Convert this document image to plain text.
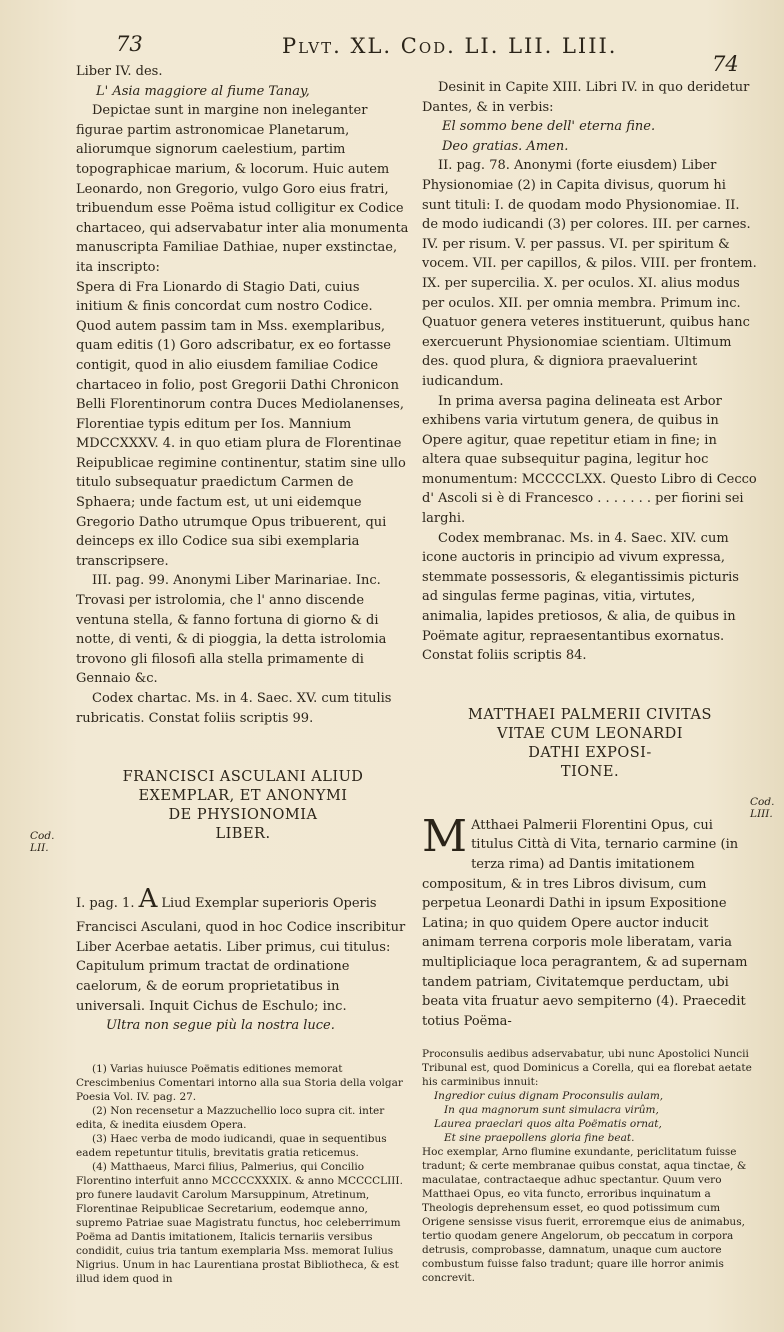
73	Plvt. XL. Cod. LI. LII. LIII.
74
Cod. LII.
Cod. LIII.

Liber IV. des.

L' Asia maggiore al fiume Tanay,

Depictae sunt in margine non ineleganter figurae partim astronomicae Planetarum, aliorumque signorum caelestium, partim topographicae marium, & locorum. Huic autem Leonardo, non Gregorio, vulgo Goro eius fratri, tribuendum esse Poëma istud colligitur ex Codice chartaceo, qui adservabatur inter alia monumenta manuscripta Familiae Dathiae, nuper exstinctae, ita inscripto:

Spera di Fra Lionardo di Stagio Dati, cuius initium & finis concordat cum nostro Codice. Quod autem passim tam in Mss. exemplaribus, quam editis (1) Goro adscribatur, ex eo fortasse contigit, quod in alio eiusdem familiae Codice chartaceo in folio, post Gregorii Dathi Chronicon Belli Florentinorum contra Duces Mediolanenses, Florentiae typis editum per Ios. Mannium MDCCXXXV. 4. in quo etiam plura de Florentinae Reipublicae regimine continentur, statim sine ullo titulo subsequatur praedictum Carmen de Sphaera; unde factum est, ut uni eidemque Gregorio Datho utrumque Opus tribuerent, qui deinceps ex illo Codice sua sibi exemplaria transcripsere.

III. pag. 99. Anonymi Liber Marinariae. Inc. Trovasi per istrolomia, che l' anno discende ventuna stella, & fanno fortuna di giorno & di notte, di venti, & di pioggia, la detta istrolomia trovono gli filosofi alla stella primamente di Gennaio &c.

Codex chartac. Ms. in 4. Saec. XV. cum titulis rubricatis. Constat foliis scriptis 99.

FRANCISCI ASCULANI ALIUD
EXEMPLAR, ET ANONYMI
DE PHYSIONOMIA
LIBER.

I. pag. 1. A Liud Exemplar superioris Operis Francisci Asculani, quod in hoc Codice inscribitur Liber Acerbae aetatis. Liber primus, cui titulus: Capitulum primum tractat de ordinatione caelorum, & de eorum proprietatibus in universali. Inquit Cichus de Eschulo; inc.

Ultra non segue più la nostra luce.

(1) Varias huiusce Poëmatis editiones memorat Crescimbenius Comentari intorno alla sua Storia della volgar Poesia Vol. IV. pag. 27.

(2) Non recensetur a Mazzuchellio loco supra cit. inter edita, & inedita eiusdem Opera.

(3) Haec verba de modo iudicandi, quae in sequentibus eadem repetuntur titulis, brevitatis gratia reticemus.

(4) Matthaeus, Marci filius, Palmerius, qui Concilio Florentino interfuit anno MCCCCXXXIX. & anno MCCCCLIII. pro funere laudavit Carolum Marsuppinum, Atretinum, Florentinae Reipublicae Secretarium, eodemque anno, supremo Patriae suae Magistratu functus, hoc celeberrimum Poëma ad Dantis imitationem, Italicis ternariis versibus condidit, cuius tria tantum exemplaria Mss. memorat Iulius Nigrius. Unum in hac Laurentiana prostat Bibliotheca, & est illud idem quod in

Desinit in Capite XIII. Libri IV. in quo deridetur Dantes, & in verbis:

El sommo bene dell' eterna fine.

Deo gratias. Amen.

II. pag. 78. Anonymi (forte eiusdem) Liber Physionomiae (2) in Capita divisus, quorum hi sunt tituli: I. de quodam modo Physionomiae. II. de modo iudicandi (3) per colores. III. per carnes. IV. per risum. V. per passus. VI. per spiritum & vocem. VII. per capillos, & pilos. VIII. per frontem. IX. per supercilia. X. per oculos. XI. alius modus per oculos. XII. per omnia membra. Primum inc. Quatuor genera veteres instituerunt, quibus hanc exercuerunt Physionomiae scientiam. Ultimum des. quod plura, & digniora praevaluerint iudicandum.

In prima aversa pagina delineata est Arbor exhibens varia virtutum genera, de quibus in Opere agitur, quae repetitur etiam in fine; in altera quae subsequitur pagina, legitur hoc monumentum: MCCCCLXX. Questo Libro di Cecco d' Ascoli si è di Francesco . . . . . . . per fiorini sei larghi.

Codex membranac. Ms. in 4. Saec. XIV. cum icone auctoris in principio ad vivum expressa, stemmate possessoris, & elegantissimis picturis ad singulas ferme paginas, vitia, virtutes, animalia, lapides pretiosos, & alia, de quibus in Poëmate agitur, repraesentantibus exornatus. Constat foliis scriptis 84.

MATTHAEI PALMERII CIVITAS
VITAE CUM LEONARDI
DATHI EXPOSI-
TIONE.

M Atthaei Palmerii Florentini Opus, cui titulus Città di Vita, ternario carmine (in terza rima) ad Dantis imitationem compositum, & in tres Libros divisum, cum perpetua Leonardi Dathi in ipsum Expositione Latina; in quo quidem Opere auctor inducit animam terrena corporis mole liberatam, varia multipliciaque loca peragrantem, & ad supernam tandem patriam, Civitatemque perductam, ubi beata vita fruatur aevo sempiterno (4). Praecedit totius Poëma-

Proconsulis aedibus adservabatur, ubi nunc Apostolici Nuncii Tribunal est, quod Dominicus a Corella, qui ea florebat aetate his carminibus innuit:

Ingredior cuius dignam Proconsulis aulam,

In qua magnorum sunt simulacra virûm,

Laurea praeclari quos alta Poëmatis ornat,

Et sine praepollens gloria fine beat.

Hoc exemplar, Arno flumine exundante, periclitatum fuisse tradunt; & certe membranae quibus constat, aqua tinctae, & maculatae, contractaeque adhuc spectantur. Quum vero Matthaei Opus, eo vita functo, erroribus inquinatum a Theologis deprehensum esset, eo quod potissimum cum Origene sensisse visus fuerit, erroremque eius de animabus, tertio quodam genere Angelorum, ob peccatum in corpora detrusis, comprobasse, damnatum, unaque cum auctore combustum fuisse falso tradunt; quare ille horror animis concrevit.
